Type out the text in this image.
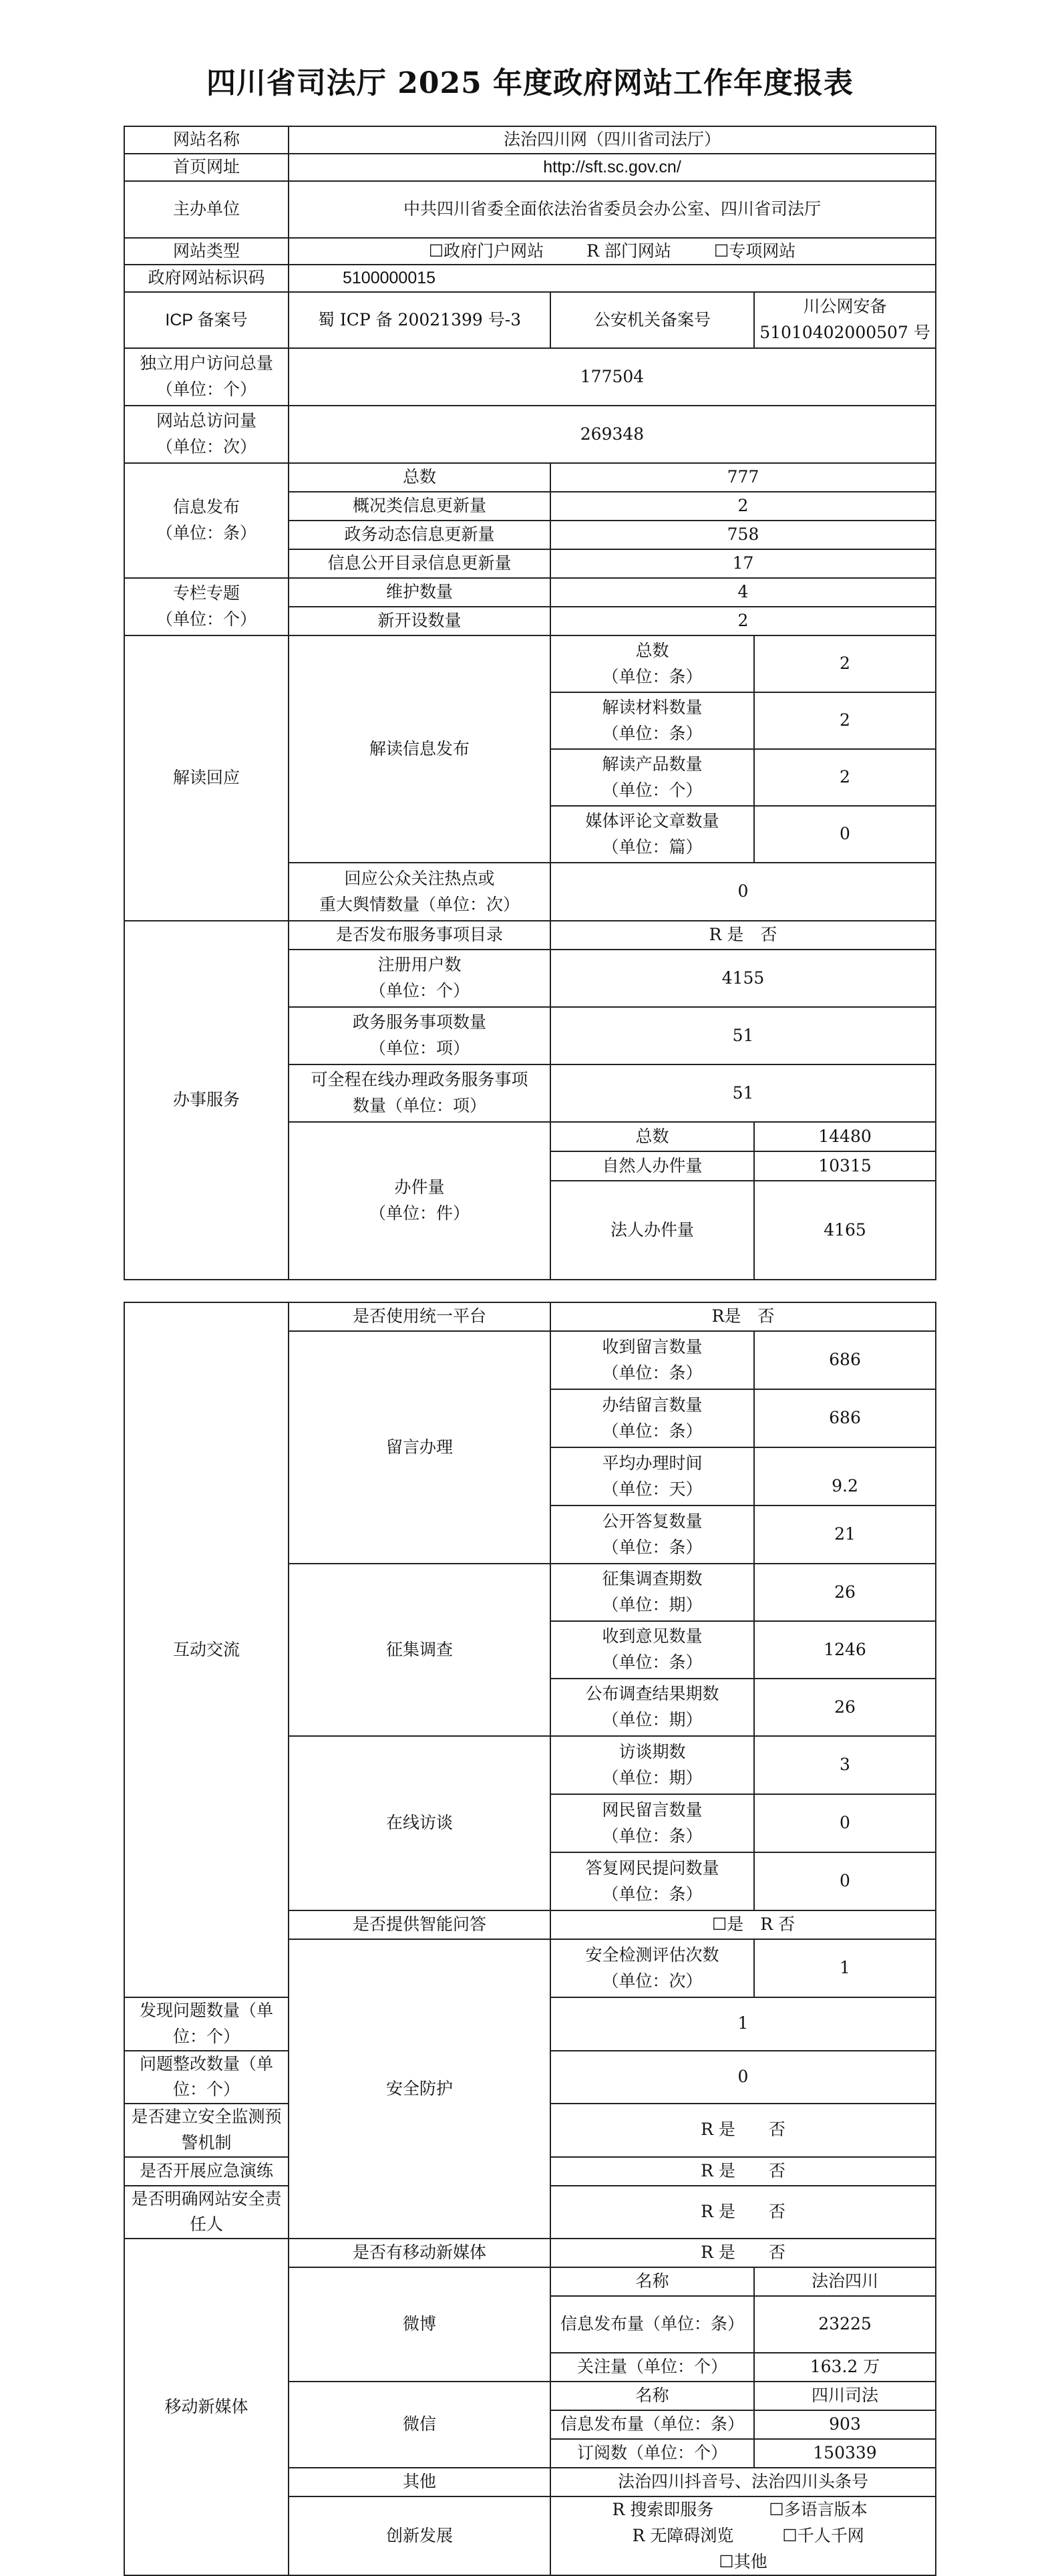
四川省司法厅 2025 年度政府网站工作年度报表
网站名称	法治四川网（四川省司法厅）		
首页网址	http://sft.sc.gov.cn/		
主办单位	中共四川省委全面依法治省委员会办公室、四川省司法厅		
网站类型	☐政府门户网站 R 部门网站 ☐专项网站		
政府网站标识码	5100000015		
ICP 备案号	蜀 ICP 备 20021399 号-3	公安机关备案号	川公网安备
51010402000507 号
独立用户访问总量
（单位：个）	177504		
网站总访问量
（单位：次）	269348		
信息发布
（单位：条）	总数	777	
	概况类信息更新量	2	
	政务动态信息更新量	758	
	信息公开目录信息更新量	17	
专栏专题
（单位：个）	维护数量	4	
	新开设数量	2	
解读回应	解读信息发布	总数
（单位：条）	2
		解读材料数量
（单位：条）	2
		解读产品数量
（单位：个）	2
		媒体评论文章数量
（单位：篇）	0
	回应公众关注热点或
重大舆情数量（单位：次）	0	
办事服务	是否发布服务事项目录	R 是　否	
	注册用户数
（单位：个）	4155	
	政务服务事项数量
（单位：项）	51	
	可全程在线办理政务服务事项
数量（单位：项）	51	
	办件量
（单位：件）	总数	14480
		自然人办件量	10315
		法人办件量	4165
互动交流	是否使用统一平台	R是　否	
	留言办理	收到留言数量
（单位：条）	686
		办结留言数量
（单位：条）	686
		平均办理时间
（单位：天）	9.2
		公开答复数量
（单位：条）	21
	征集调查	征集调查期数
（单位：期）	26
		收到意见数量
（单位：条）	1246
		公布调查结果期数
（单位：期）	26
	在线访谈	访谈期数
（单位：期）	3
		网民留言数量
（单位：条）	0
		答复网民提问数量
（单位：条）	0
	是否提供智能问答	☐是　R 否	
	安全防护	安全检测评估次数
（单位：次）	1
发现问题数量（单位：个）		1	
问题整改数量（单位：个）		0	
是否建立安全监测预警机制		R 是　　否	
是否开展应急演练		R 是　　否	
是否明确网站安全责任人		R 是　　否	
移动新媒体	是否有移动新媒体	R 是　　否	
	微博	名称	法治四川
		信息发布量（单位：条）	23225
		关注量（单位：个）	163.2 万
	微信	名称	四川司法
		信息发布量（单位：条）	903
		订阅数（单位：个）	150339
	其他	法治四川抖音号、法治四川头条号	
	创新发展	R 搜索即服务 ☐多语言版本R 无障碍浏览 ☐千人千网
☐其他	
